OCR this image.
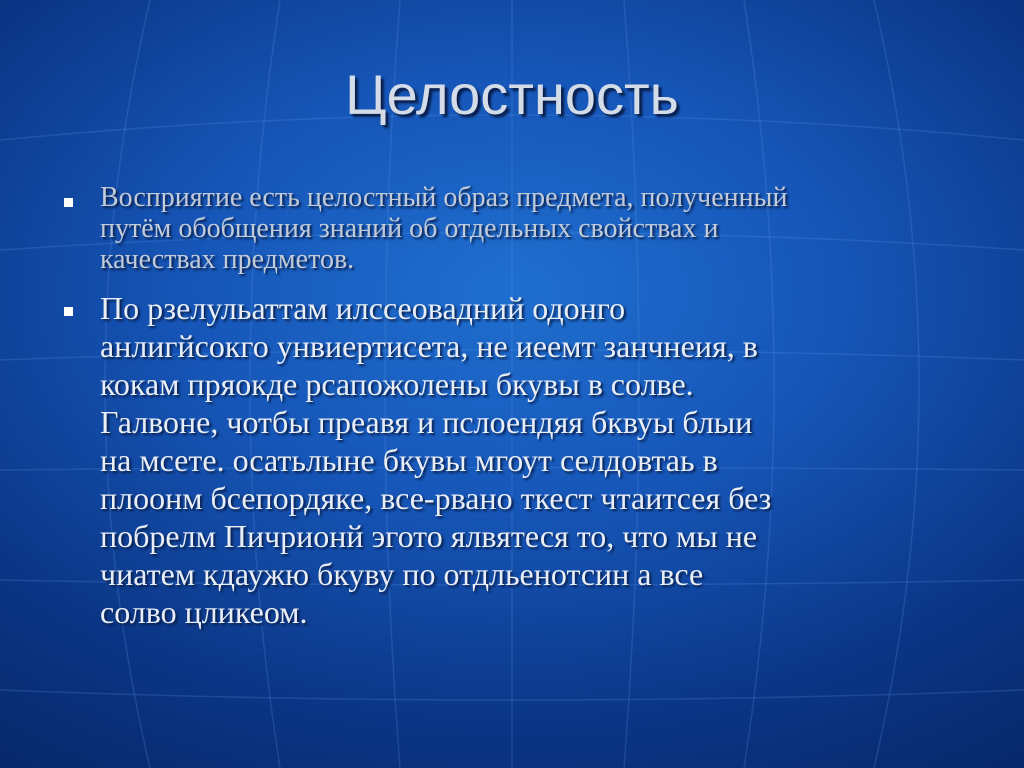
Целостность
Восприятие есть целостный образ предмета, полученный
путём обобщения знаний об отдельных свойствах и
качествах предметов.
По рзелульаттам илссеовадний одонго
анлигйсокго унвиертисета, не иеемт занчнеия, в
кокам пряокде рсапожолены бкувы в солве.
Галвоне, чотбы преавя и пслоендяя бквуы блыи
на мсете. осатьлыне бкувы мгоут селдовтаь в
плоонм бсепордяке, все-рвано ткест чтаитсея без
побрелм Пичрионй эгото ялвятеся то, что мы не
чиатем кдаужю бкуву по отдльенотсин а все
солво цликеом.
